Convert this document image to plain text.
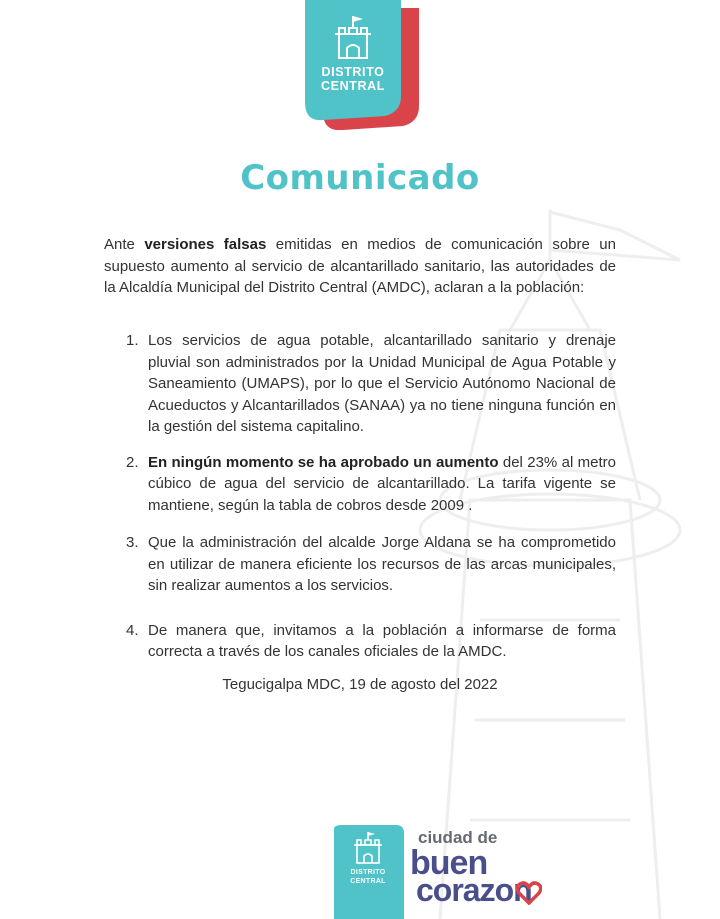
DISTRITO
CENTRAL
Comunicado

Ante versiones falsas emitidas en medios de comunicación sobre un supuesto aumento al servicio de alcantarillado sanitario, las autoridades de la Alcaldía Municipal del Distrito Central (AMDC), aclaran a la población:

1. Los servicios de agua potable, alcantarillado sanitario y drenaje pluvial son administrados por la Unidad Municipal de Agua Potable y Saneamiento (UMAPS), por lo que el Servicio Autónomo Nacional de Acueductos y Alcantarillados (SANAA) ya no tiene ninguna función en la gestión del sistema capitalino.
2. En ningún momento se ha aprobado un aumento del 23% al metro cúbico de agua del servicio de alcantarillado. La tarifa vigente se mantiene, según la tabla de cobros desde 2009 .
3. Que la administración del alcalde Jorge Aldana se ha comprometido en utilizar de manera eficiente los recursos de las arcas municipales, sin realizar aumentos a los servicios.
4. De manera que, invitamos a la población a informarse de forma correcta a través de los canales oficiales de la AMDC.

Tegucigalpa MDC, 19 de agosto del 2022

DISTRITO
CENTRAL
ciudad de
buen
corazon
